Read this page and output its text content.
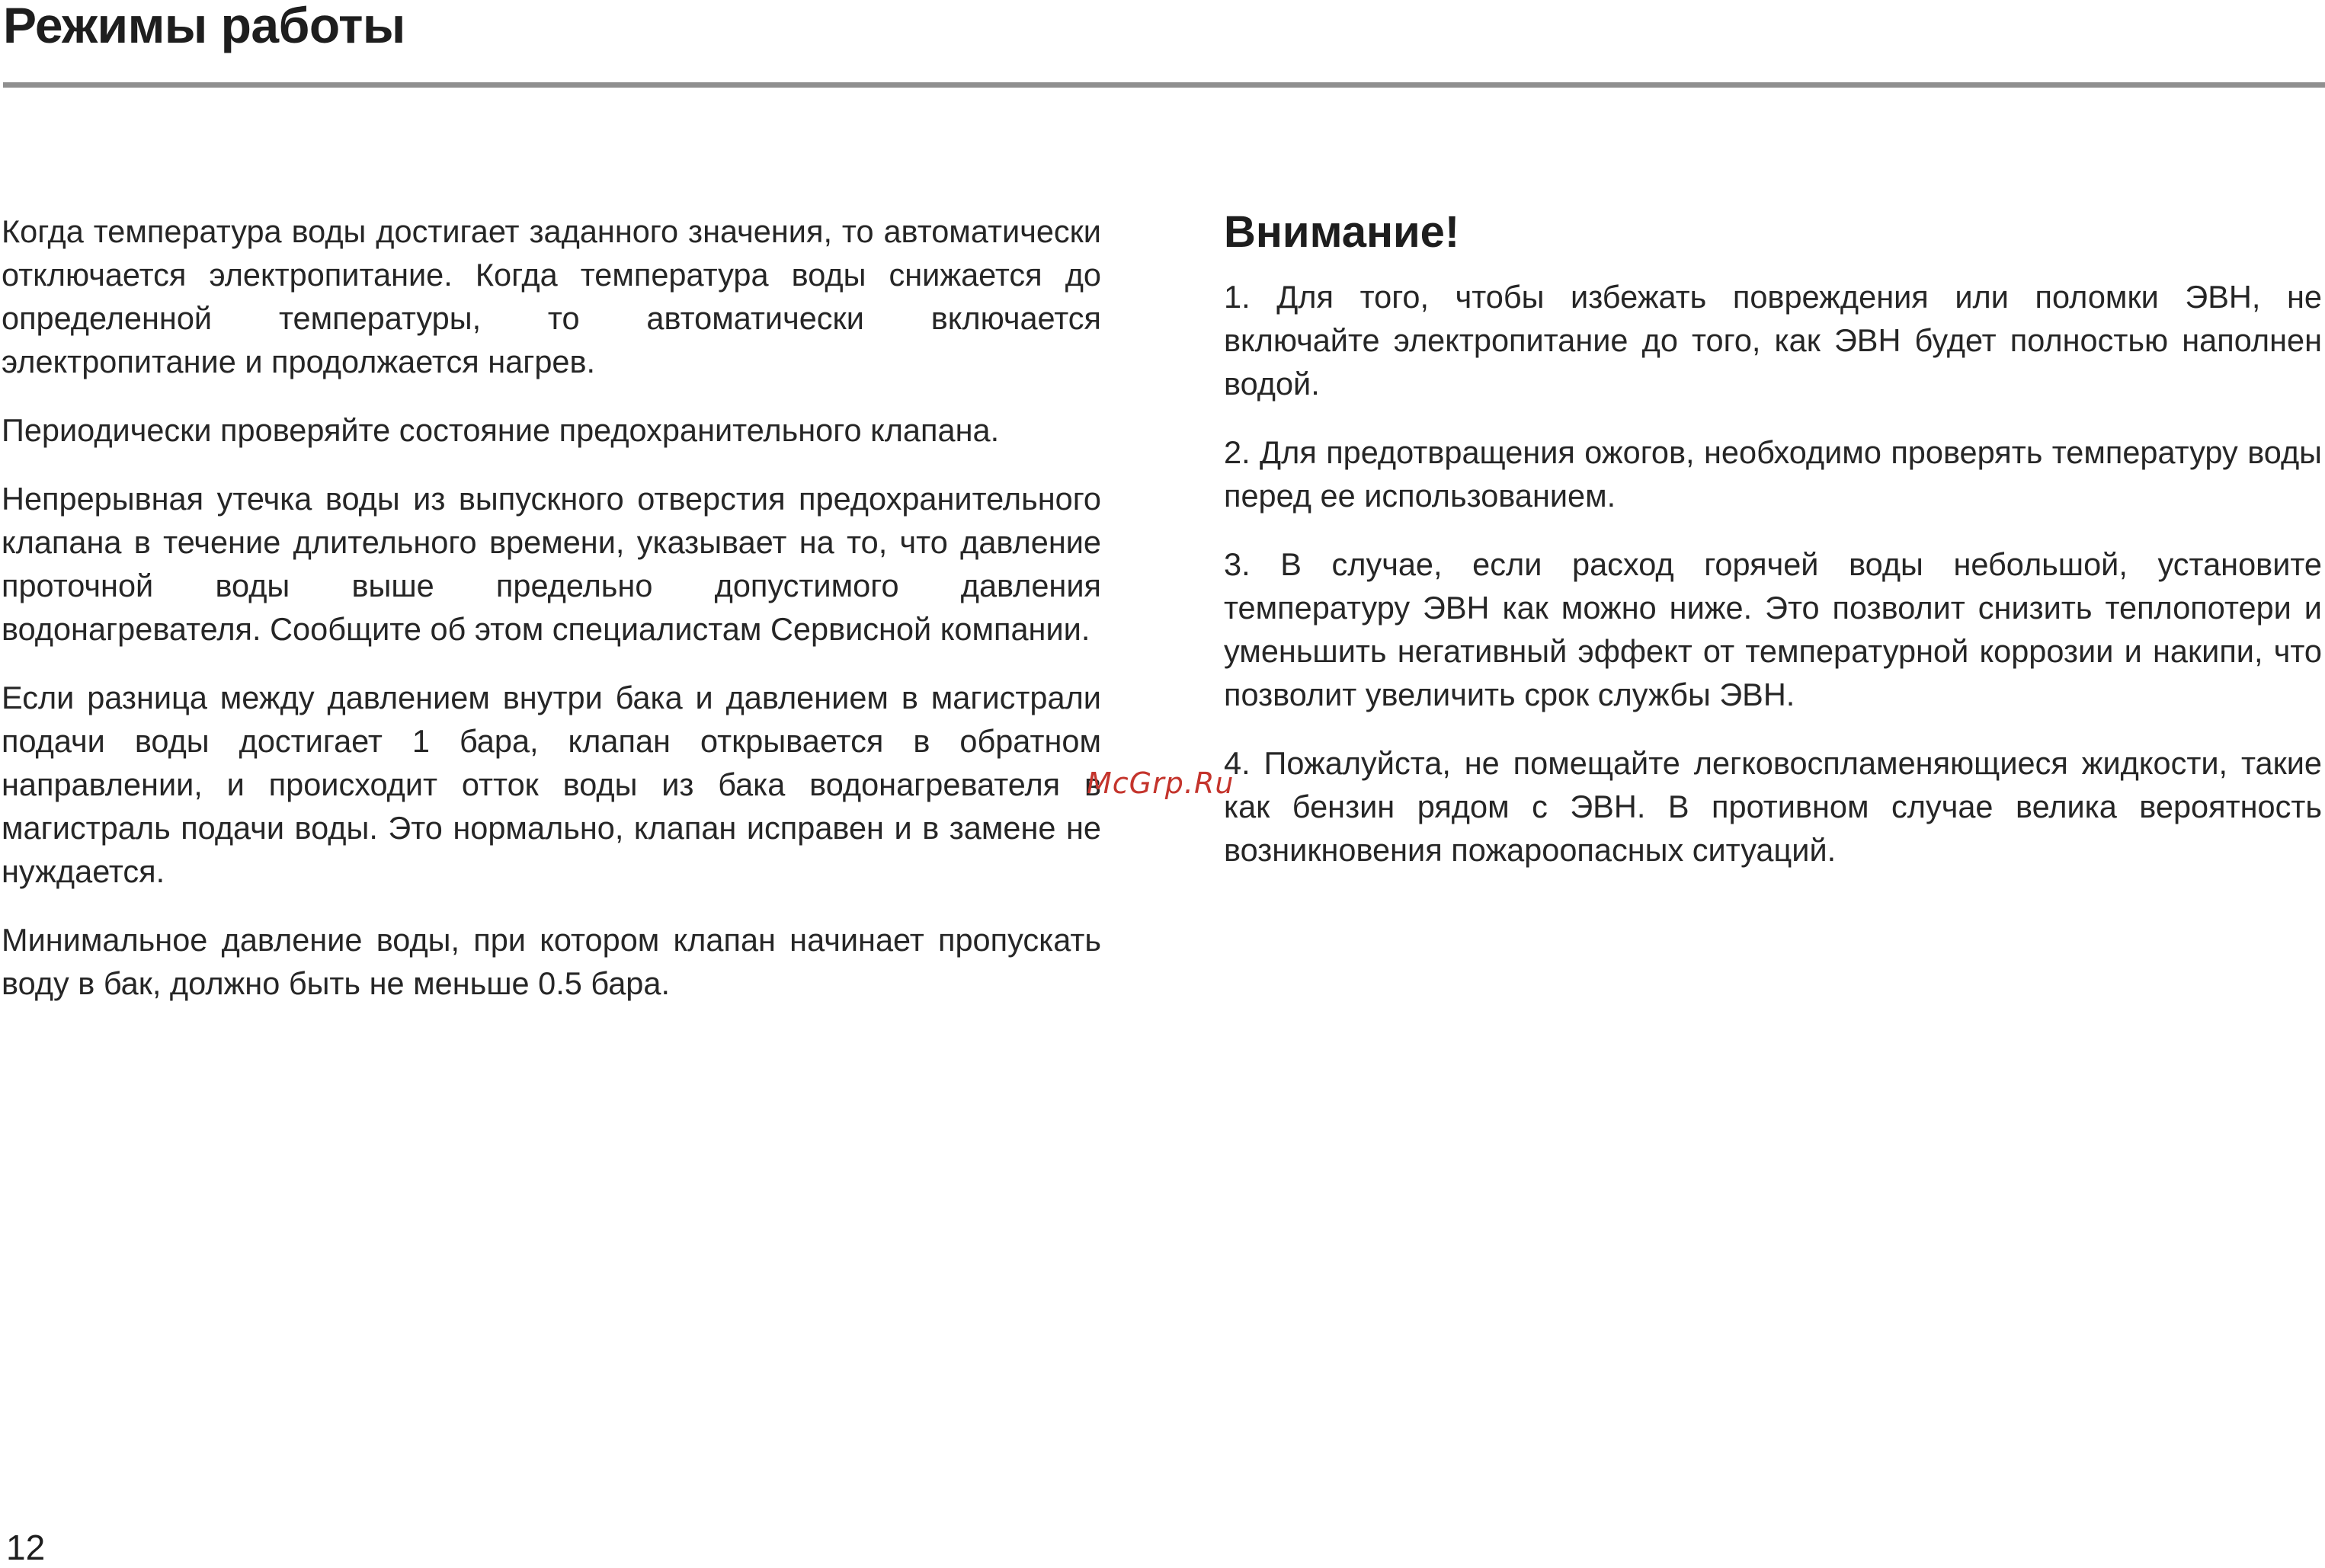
Режимы работы

Когда температура воды достигает заданного значения, то автоматически отключается электропитание. Когда температура воды снижается до определенной температуры, то автоматически включается электропитание и продолжается нагрев.

Периодически проверяйте состояние предохранительного клапана.

Непрерывная утечка воды из выпускного отверстия предохранительного клапана в течение длительного времени, указывает на то, что давление проточной воды выше предельно допустимого давления водонагревателя. Сообщите об этом специалистам Сервисной компании.

Если разница между давлением внутри бака и давлением в магистрали подачи воды достигает 1 бара, клапан открывается в обратном направлении, и происходит отток воды из бака водонагревателя в магистраль подачи воды. Это нормально, клапан исправен и в замене не нуждается.

Минимальное давление воды, при котором клапан начинает пропускать воду в бак, должно быть не меньше 0.5 бара.

Внимание!

1. Для того, чтобы избежать повреждения или поломки ЭВН, не включайте электропитание до того, как ЭВН будет полностью наполнен водой.

2. Для предотвращения ожогов, необходимо проверять температуру воды перед ее использованием.

3. В случае, если расход горячей воды небольшой, установите температуру ЭВН как можно ниже. Это позволит снизить теплопотери и уменьшить негативный эффект от температурной коррозии и накипи, что позволит увеличить срок службы ЭВН.

4. Пожалуйста, не помещайте легковоспламеняющиеся жидкости, такие как бензин рядом с ЭВН. В противном случае велика вероятность возникновения пожароопасных ситуаций.

McGrp.Ru
12
